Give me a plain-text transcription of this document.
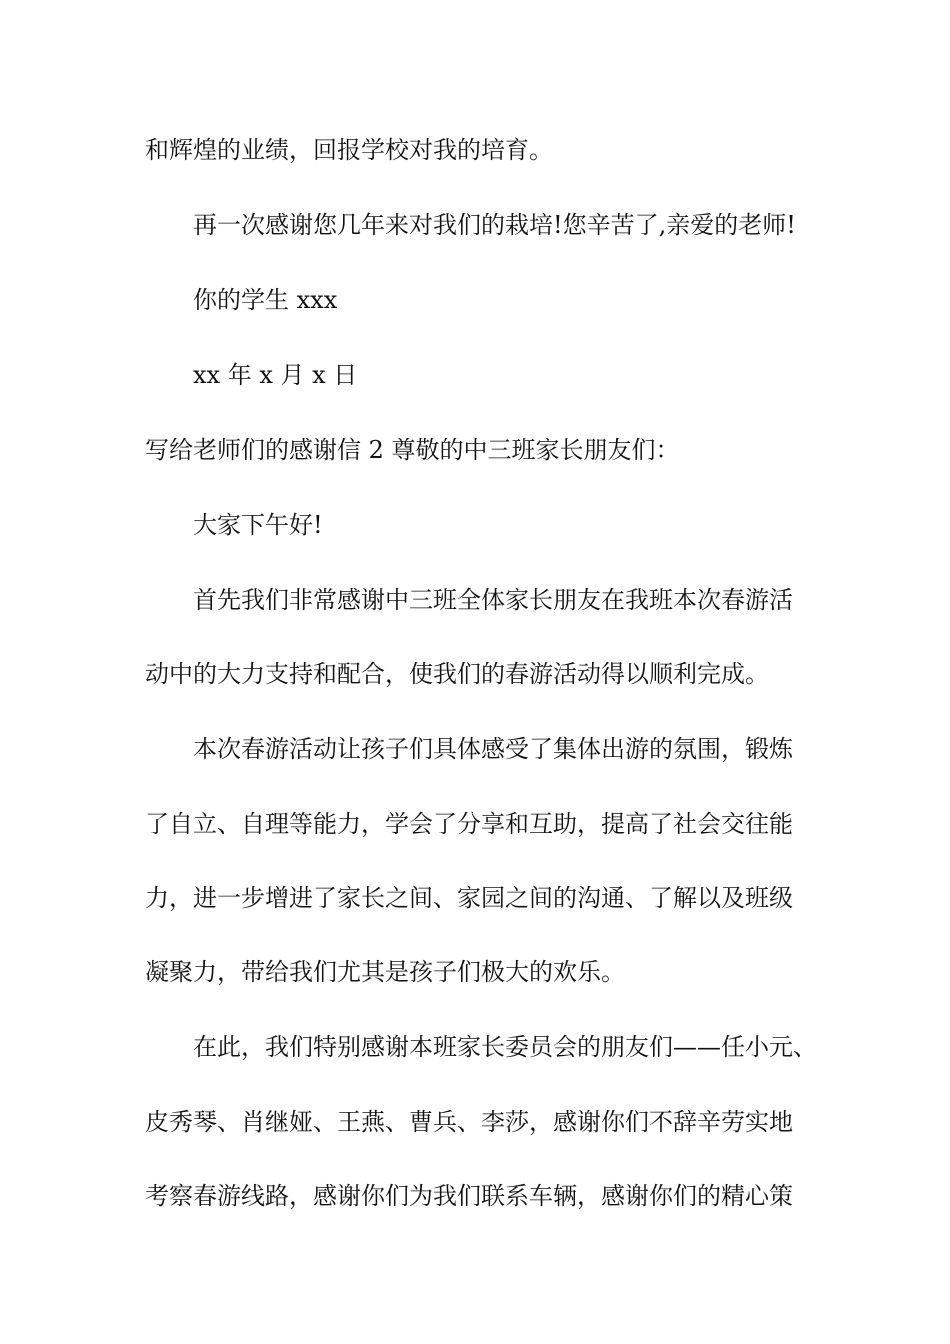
和辉煌的业绩，回报学校对我的培育。
再一次感谢您几年来对我们的栽培!您辛苦了,亲爱的老师!
你的学生 xxx
xx 年 x 月 x 日
写给老师们的感谢信 2 尊敬的中三班家长朋友们：
大家下午好!
首先我们非常感谢中三班全体家长朋友在我班本次春游活
动中的大力支持和配合，使我们的春游活动得以顺利完成。
本次春游活动让孩子们具体感受了集体出游的氛围，锻炼
了自立、自理等能力，学会了分享和互助，提高了社会交往能
力，进一步增进了家长之间、家园之间的沟通、了解以及班级
凝聚力，带给我们尤其是孩子们极大的欢乐。
在此，我们特别感谢本班家长委员会的朋友们——任小元、
皮秀琴、肖继娅、王燕、曹兵、李莎，感谢你们不辞辛劳实地
考察春游线路，感谢你们为我们联系车辆，感谢你们的精心策
